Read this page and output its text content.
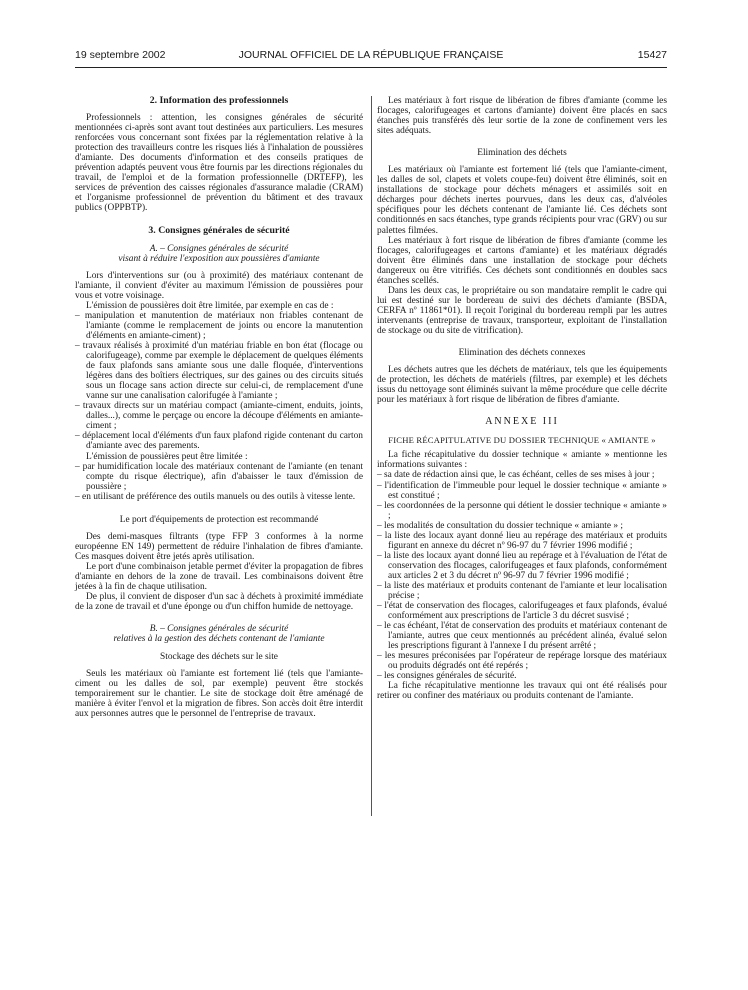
19 septembre 2002	JOURNAL OFFICIEL DE LA RÉPUBLIQUE FRANÇAISE	15427
2. Information des professionnels

Professionnels : attention, les consignes générales de sécurité mentionnées ci-après sont avant tout destinées aux particuliers. Les mesures renforcées vous concernant sont fixées par la réglementation relative à la protection des travailleurs contre les risques liés à l'inhalation de poussières d'amiante. Des documents d'information et des conseils pratiques de prévention adaptés peuvent vous être fournis par les directions régionales du travail, de l'emploi et de la formation professionnelle (DRTEFP), les services de prévention des caisses régionales d'assurance maladie (CRAM) et l'organisme professionnel de prévention du bâtiment et des travaux publics (OPPBTP).

3. Consignes générales de sécurité

A. – Consignes générales de sécurité

visant à réduire l'exposition aux poussières d'amiante

Lors d'interventions sur (ou à proximité) des matériaux contenant de l'amiante, il convient d'éviter au maximum l'émission de poussières pour vous et votre voisinage.

L'émission de poussières doit être limitée, par exemple en cas de :

– manipulation et manutention de matériaux non friables contenant de l'amiante (comme le remplacement de joints ou encore la manutention d'éléments en amiante-ciment) ;
– travaux réalisés à proximité d'un matériau friable en bon état (flocage ou calorifugeage), comme par exemple le déplacement de quelques éléments de faux plafonds sans amiante sous une dalle floquée, d'interventions légères dans des boîtiers électriques, sur des gaines ou des circuits situés sous un flocage sans action directe sur celui-ci, de remplacement d'une vanne sur une canalisation calorifugée à l'amiante ;
– travaux directs sur un matériau compact (amiante-ciment, enduits, joints, dalles...), comme le perçage ou encore la découpe d'éléments en amiante-ciment ;
– déplacement local d'éléments d'un faux plafond rigide contenant du carton d'amiante avec des parements.

L'émission de poussières peut être limitée :

– par humidification locale des matériaux contenant de l'amiante (en tenant compte du risque électrique), afin d'abaisser le taux d'émission de poussière ;
– en utilisant de préférence des outils manuels ou des outils à vitesse lente.

Le port d'équipements de protection est recommandé

Des demi-masques filtrants (type FFP 3 conformes à la norme européenne EN 149) permettent de réduire l'inhalation de fibres d'amiante. Ces masques doivent être jetés après utilisation.

Le port d'une combinaison jetable permet d'éviter la propagation de fibres d'amiante en dehors de la zone de travail. Les combinaisons doivent être jetées à la fin de chaque utilisation.

De plus, il convient de disposer d'un sac à déchets à proximité immédiate de la zone de travail et d'une éponge ou d'un chiffon humide de nettoyage.

B. – Consignes générales de sécurité

relatives à la gestion des déchets contenant de l'amiante

Stockage des déchets sur le site

Seuls les matériaux où l'amiante est fortement lié (tels que l'amiante-ciment ou les dalles de sol, par exemple) peuvent être stockés temporairement sur le chantier. Le site de stockage doit être aménagé de manière à éviter l'envol et la migration de fibres. Son accès doit être interdit aux personnes autres que le personnel de l'entreprise de travaux.

Les matériaux à fort risque de libération de fibres d'amiante (comme les flocages, calorifugeages et cartons d'amiante) doivent être placés en sacs étanches puis transférés dès leur sortie de la zone de confinement vers les sites adéquats.

Elimination des déchets

Les matériaux où l'amiante est fortement lié (tels que l'amiante-ciment, les dalles de sol, clapets et volets coupe-feu) doivent être éliminés, soit en installations de stockage pour déchets ménagers et assimilés soit en décharges pour déchets inertes pourvues, dans les deux cas, d'alvéoles spécifiques pour les déchets contenant de l'amiante lié. Ces déchets sont conditionnés en sacs étanches, type grands récipients pour vrac (GRV) ou sur palettes filmées.

Les matériaux à fort risque de libération de fibres d'amiante (comme les flocages, calorifugeages et cartons d'amiante) et les matériaux dégradés doivent être éliminés dans une installation de stockage pour déchets dangereux ou être vitrifiés. Ces déchets sont conditionnés en doubles sacs étanches scellés.

Dans les deux cas, le propriétaire ou son mandataire remplit le cadre qui lui est destiné sur le bordereau de suivi des déchets d'amiante (BSDA, CERFA nº 11861*01). Il reçoit l'original du bordereau rempli par les autres intervenants (entreprise de travaux, transporteur, exploitant de l'installation de stockage ou du site de vitrification).

Elimination des déchets connexes

Les déchets autres que les déchets de matériaux, tels que les équipements de protection, les déchets de matériels (filtres, par exemple) et les déchets issus du nettoyage sont éliminés suivant la même procédure que celle décrite pour les matériaux à fort risque de libération de fibres d'amiante.

ANNEXE III

FICHE RÉCAPITULATIVE DU DOSSIER TECHNIQUE « AMIANTE »

La fiche récapitulative du dossier technique « amiante » mentionne les informations suivantes :

– sa date de rédaction ainsi que, le cas échéant, celles de ses mises à jour ;
– l'identification de l'immeuble pour lequel le dossier technique « amiante » est constitué ;
– les coordonnées de la personne qui détient le dossier technique « amiante » ;
– les modalités de consultation du dossier technique « amiante » ;
– la liste des locaux ayant donné lieu au repérage des matériaux et produits figurant en annexe du décret nº 96-97 du 7 février 1996 modifié ;
– la liste des locaux ayant donné lieu au repérage et à l'évaluation de l'état de conservation des flocages, calorifugeages et faux plafonds, conformément aux articles 2 et 3 du décret nº 96-97 du 7 février 1996 modifié ;
– la liste des matériaux et produits contenant de l'amiante et leur localisation précise ;
– l'état de conservation des flocages, calorifugeages et faux plafonds, évalué conformément aux prescriptions de l'article 3 du décret susvisé ;
– le cas échéant, l'état de conservation des produits et matériaux contenant de l'amiante, autres que ceux mentionnés au précédent alinéa, évalué selon les prescriptions figurant à l'annexe I du présent arrêté ;
– les mesures préconisées par l'opérateur de repérage lorsque des matériaux ou produits dégradés ont été repérés ;
– les consignes générales de sécurité.

La fiche récapitulative mentionne les travaux qui ont été réalisés pour retirer ou confiner des matériaux ou produits contenant de l'amiante.
